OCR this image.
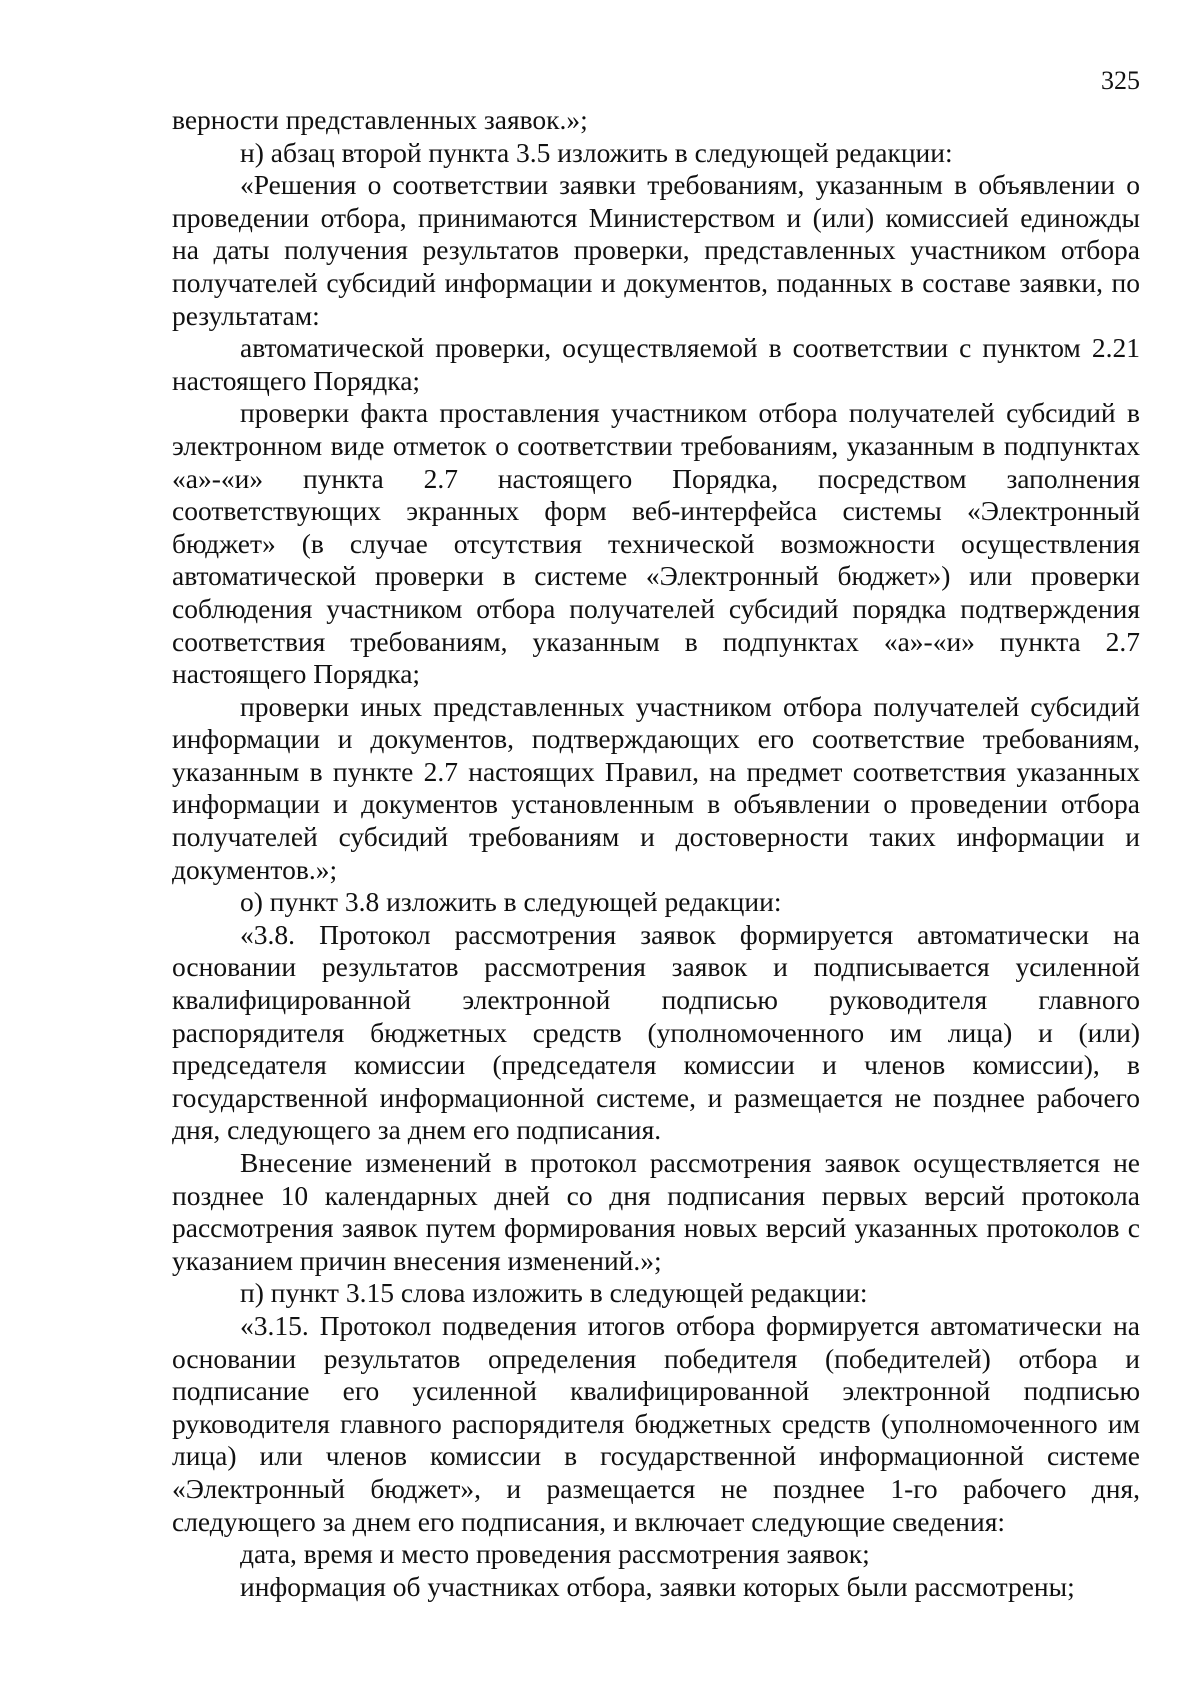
325

верности представленных заявок.»;

н) абзац второй пункта 3.5 изложить в следующей редакции:

«Решения о соответствии заявки требованиям, указанным в объявлении о проведении отбора, принимаются Министерством и (или) комиссией единожды на даты получения результатов проверки, представленных участником отбора получателей субсидий информации и документов, поданных в составе заявки, по результатам:

автоматической проверки, осуществляемой в соответствии с пунктом 2.21 настоящего Порядка;

проверки факта проставления участником отбора получателей субсидий в электронном виде отметок о соответствии требованиям, указанным в подпунктах «а»-«и» пункта 2.7 настоящего Порядка, посредством заполнения соответствующих экранных форм веб-интерфейса системы «Электронный бюджет» (в случае отсутствия технической возможности осуществления автоматической проверки в системе «Электронный бюджет») или проверки соблюдения участником отбора получателей субсидий порядка подтверждения соответствия требованиям, указанным в подпунктах «а»-«и» пункта 2.7 настоящего Порядка;

проверки иных представленных участником отбора получателей субсидий информации и документов, подтверждающих его соответствие требованиям, указанным в пункте 2.7 настоящих Правил, на предмет соответствия указанных информации и документов установленным в объявлении о проведении отбора получателей субсидий требованиям и достоверности таких информации и документов.»;

о) пункт 3.8 изложить в следующей редакции:

«3.8. Протокол рассмотрения заявок формируется автоматически на основании результатов рассмотрения заявок и подписывается усиленной квалифицированной электронной подписью руководителя главного распорядителя бюджетных средств (уполномоченного им лица) и (или) председателя комиссии (председателя комиссии и членов комиссии), в государственной информационной системе, и размещается не позднее рабочего дня, следующего за днем его подписания.

Внесение изменений в протокол рассмотрения заявок осуществляется не позднее 10 календарных дней со дня подписания первых версий протокола рассмотрения заявок путем формирования новых версий указанных протоколов с указанием причин внесения изменений.»;

п) пункт 3.15 слова изложить в следующей редакции:

«3.15. Протокол подведения итогов отбора формируется автоматически на основании результатов определения победителя (победителей) отбора и подписание его усиленной квалифицированной электронной подписью руководителя главного распорядителя бюджетных средств (уполномоченного им лица) или членов комиссии в государственной информационной системе «Электронный бюджет», и размещается не позднее 1-го рабочего дня, следующего за днем его подписания, и включает следующие сведения:

дата, время и место проведения рассмотрения заявок;

информация об участниках отбора, заявки которых были рассмотрены;
